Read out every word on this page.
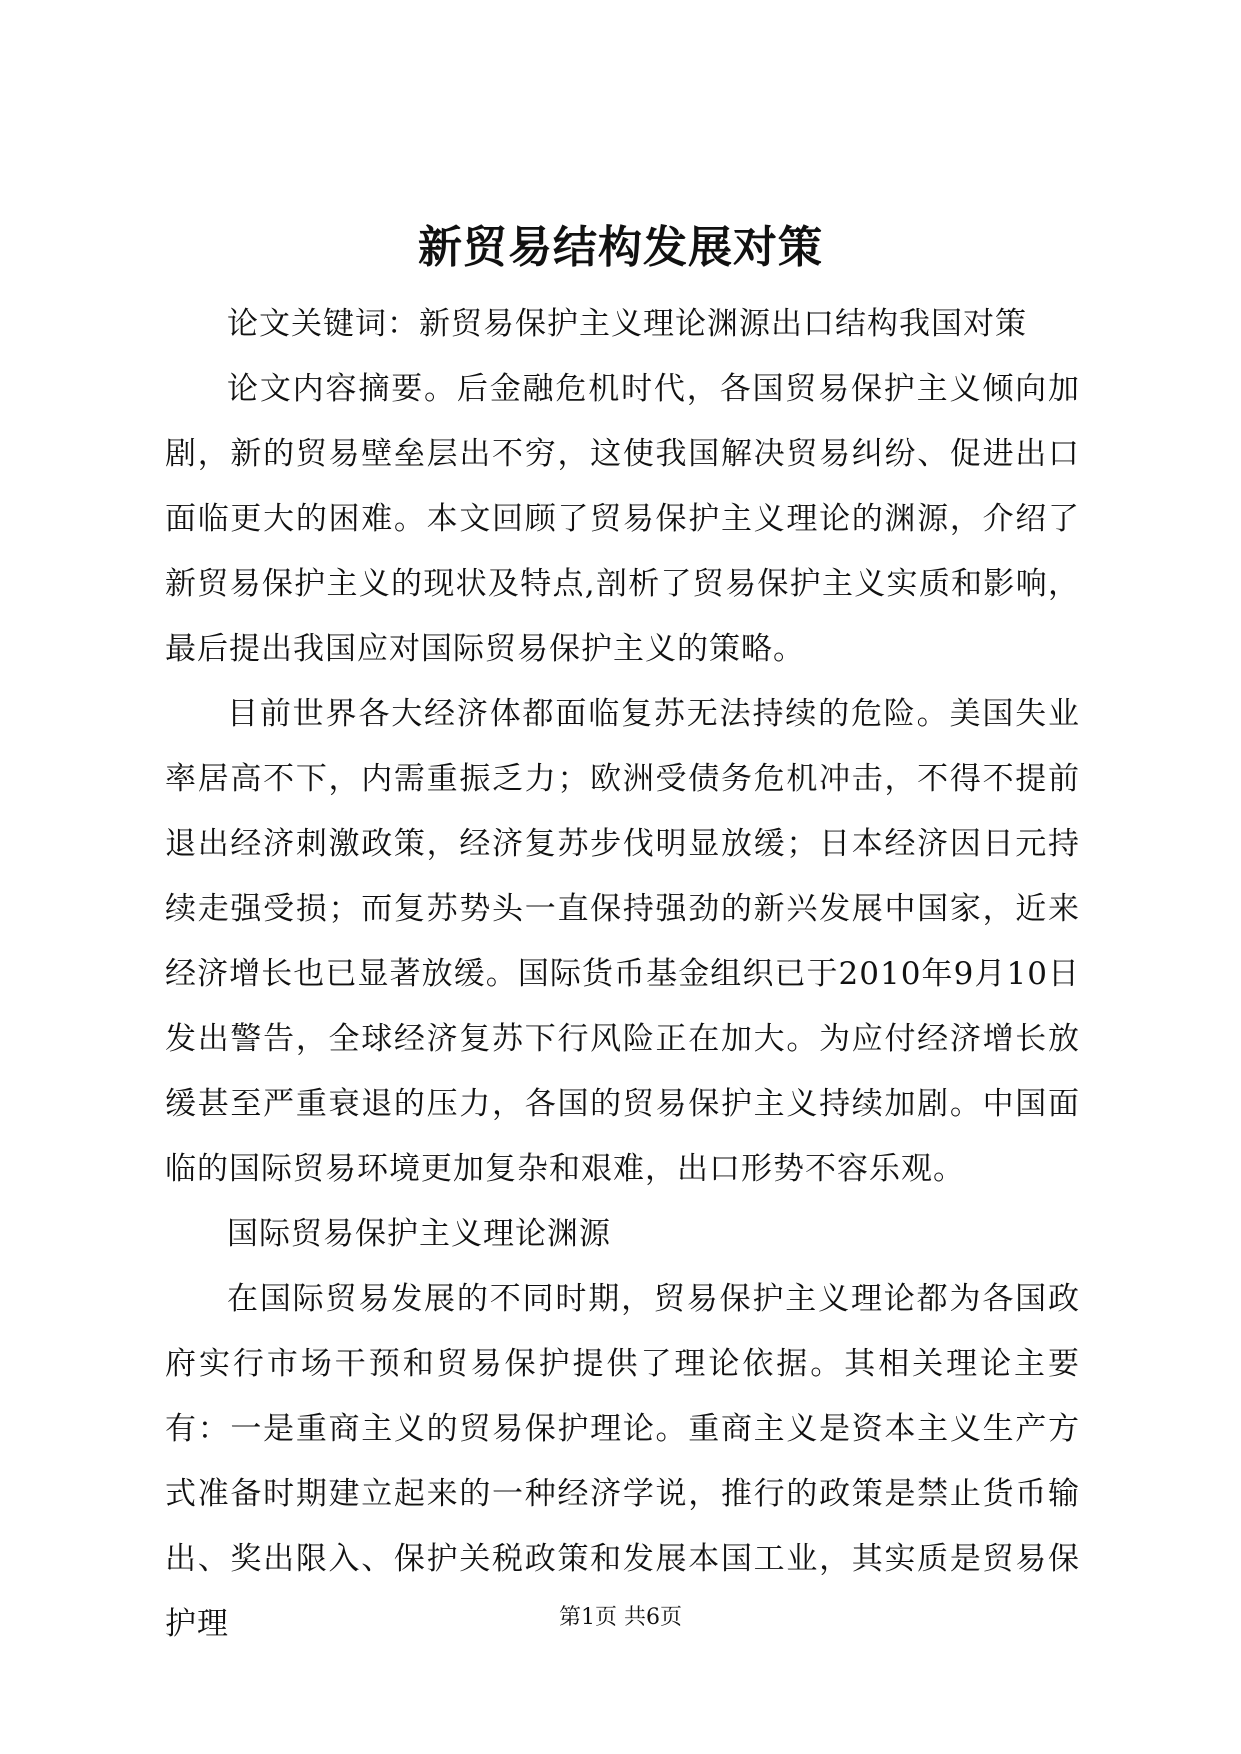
新贸易结构发展对策

论文关键词：新贸易保护主义理论渊源出口结构我国对策

论文内容摘要。后金融危机时代，各国贸易保护主义倾向加剧，新的贸易壁垒层出不穷，这使我国解决贸易纠纷、促进出口面临更大的困难。本文回顾了贸易保护主义理论的渊源，介绍了新贸易保护主义的现状及特点,剖析了贸易保护主义实质和影响，最后提出我国应对国际贸易保护主义的策略。

目前世界各大经济体都面临复苏无法持续的危险。美国失业率居高不下，内需重振乏力；欧洲受债务危机冲击，不得不提前退出经济刺激政策，经济复苏步伐明显放缓；日本经济因日元持续走强受损；而复苏势头一直保持强劲的新兴发展中国家，近来经济增长也已显著放缓。国际货币基金组织已于2010年9月10日发出警告，全球经济复苏下行风险正在加大。为应付经济增长放缓甚至严重衰退的压力，各国的贸易保护主义持续加剧。中国面临的国际贸易环境更加复杂和艰难，出口形势不容乐观。

国际贸易保护主义理论渊源

在国际贸易发展的不同时期，贸易保护主义理论都为各国政府实行市场干预和贸易保护提供了理论依据。其相关理论主要有：一是重商主义的贸易保护理论。重商主义是资本主义生产方式准备时期建立起来的一种经济学说，推行的政策是禁止货币输出、奖出限入、保护关税政策和发展本国工业，其实质是贸易保护理	第1页 共6页
